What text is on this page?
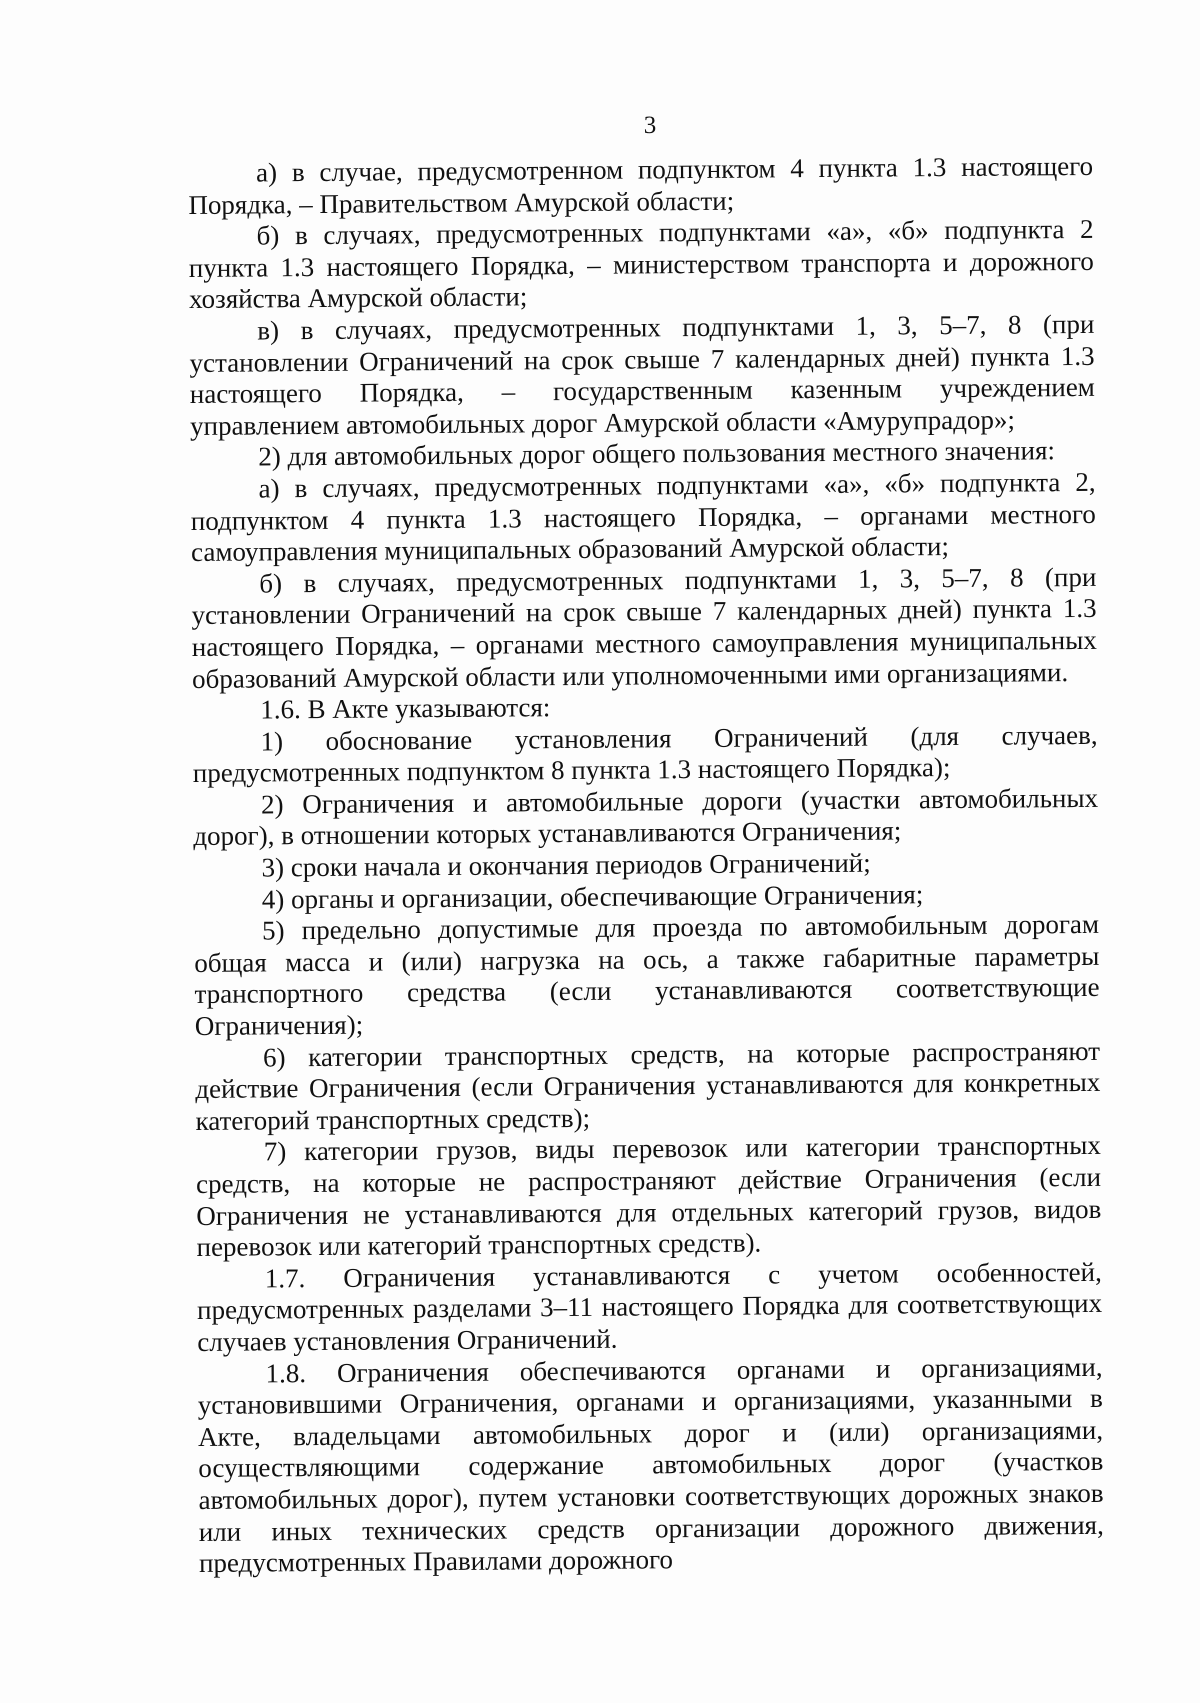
3

а) в случае, предусмотренном подпунктом 4 пункта 1.3 настоящего Порядка, – Правительством Амурской области;

б) в случаях, предусмотренных подпунктами «а», «б» подпункта 2 пункта 1.3 настоящего Порядка, – министерством транспорта и дорожного хозяйства Амурской области;

в) в случаях, предусмотренных подпунктами 1, 3, 5–7, 8 (при установлении Ограничений на срок свыше 7 календарных дней) пункта 1.3 настоящего Порядка, – государственным казенным учреждением управлением автомобильных дорог Амурской области «Амурупрадор»;

2) для автомобильных дорог общего пользования местного значения:

а) в случаях, предусмотренных подпунктами «а», «б» подпункта 2, подпунктом 4 пункта 1.3 настоящего Порядка, – органами местного самоуправления муниципальных образований Амурской области;

б) в случаях, предусмотренных подпунктами 1, 3, 5–7, 8 (при установлении Ограничений на срок свыше 7 календарных дней) пункта 1.3 настоящего Порядка, – органами местного самоуправления муниципальных образований Амурской области или уполномоченными ими организациями.

1.6. В Акте указываются:

1) обоснование установления Ограничений (для случаев, предусмотренных подпунктом 8 пункта 1.3 настоящего Порядка);

2) Ограничения и автомобильные дороги (участки автомобильных дорог), в отношении которых устанавливаются Ограничения;

3) сроки начала и окончания периодов Ограничений;

4) органы и организации, обеспечивающие Ограничения;

5) предельно допустимые для проезда по автомобильным дорогам общая масса и (или) нагрузка на ось, а также габаритные параметры транспортного средства (если устанавливаются соответствующие Ограничения);

6) категории транспортных средств, на которые распространяют действие Ограничения (если Ограничения устанавливаются для конкретных категорий транспортных средств);

7) категории грузов, виды перевозок или категории транспортных средств, на которые не распространяют действие Ограничения (если Ограничения не устанавливаются для отдельных категорий грузов, видов перевозок или категорий транспортных средств).

1.7. Ограничения устанавливаются с учетом особенностей, предусмотренных разделами 3–11 настоящего Порядка для соответствующих случаев установления Ограничений.

1.8. Ограничения обеспечиваются органами и организациями, установившими Ограничения, органами и организациями, указанными в Акте, владельцами автомобильных дорог и (или) организациями, осуществляющими содержание автомобильных дорог (участков автомобильных дорог), путем установки соответствующих дорожных знаков или иных технических средств организации дорожного движения, предусмотренных Правилами дорожного
